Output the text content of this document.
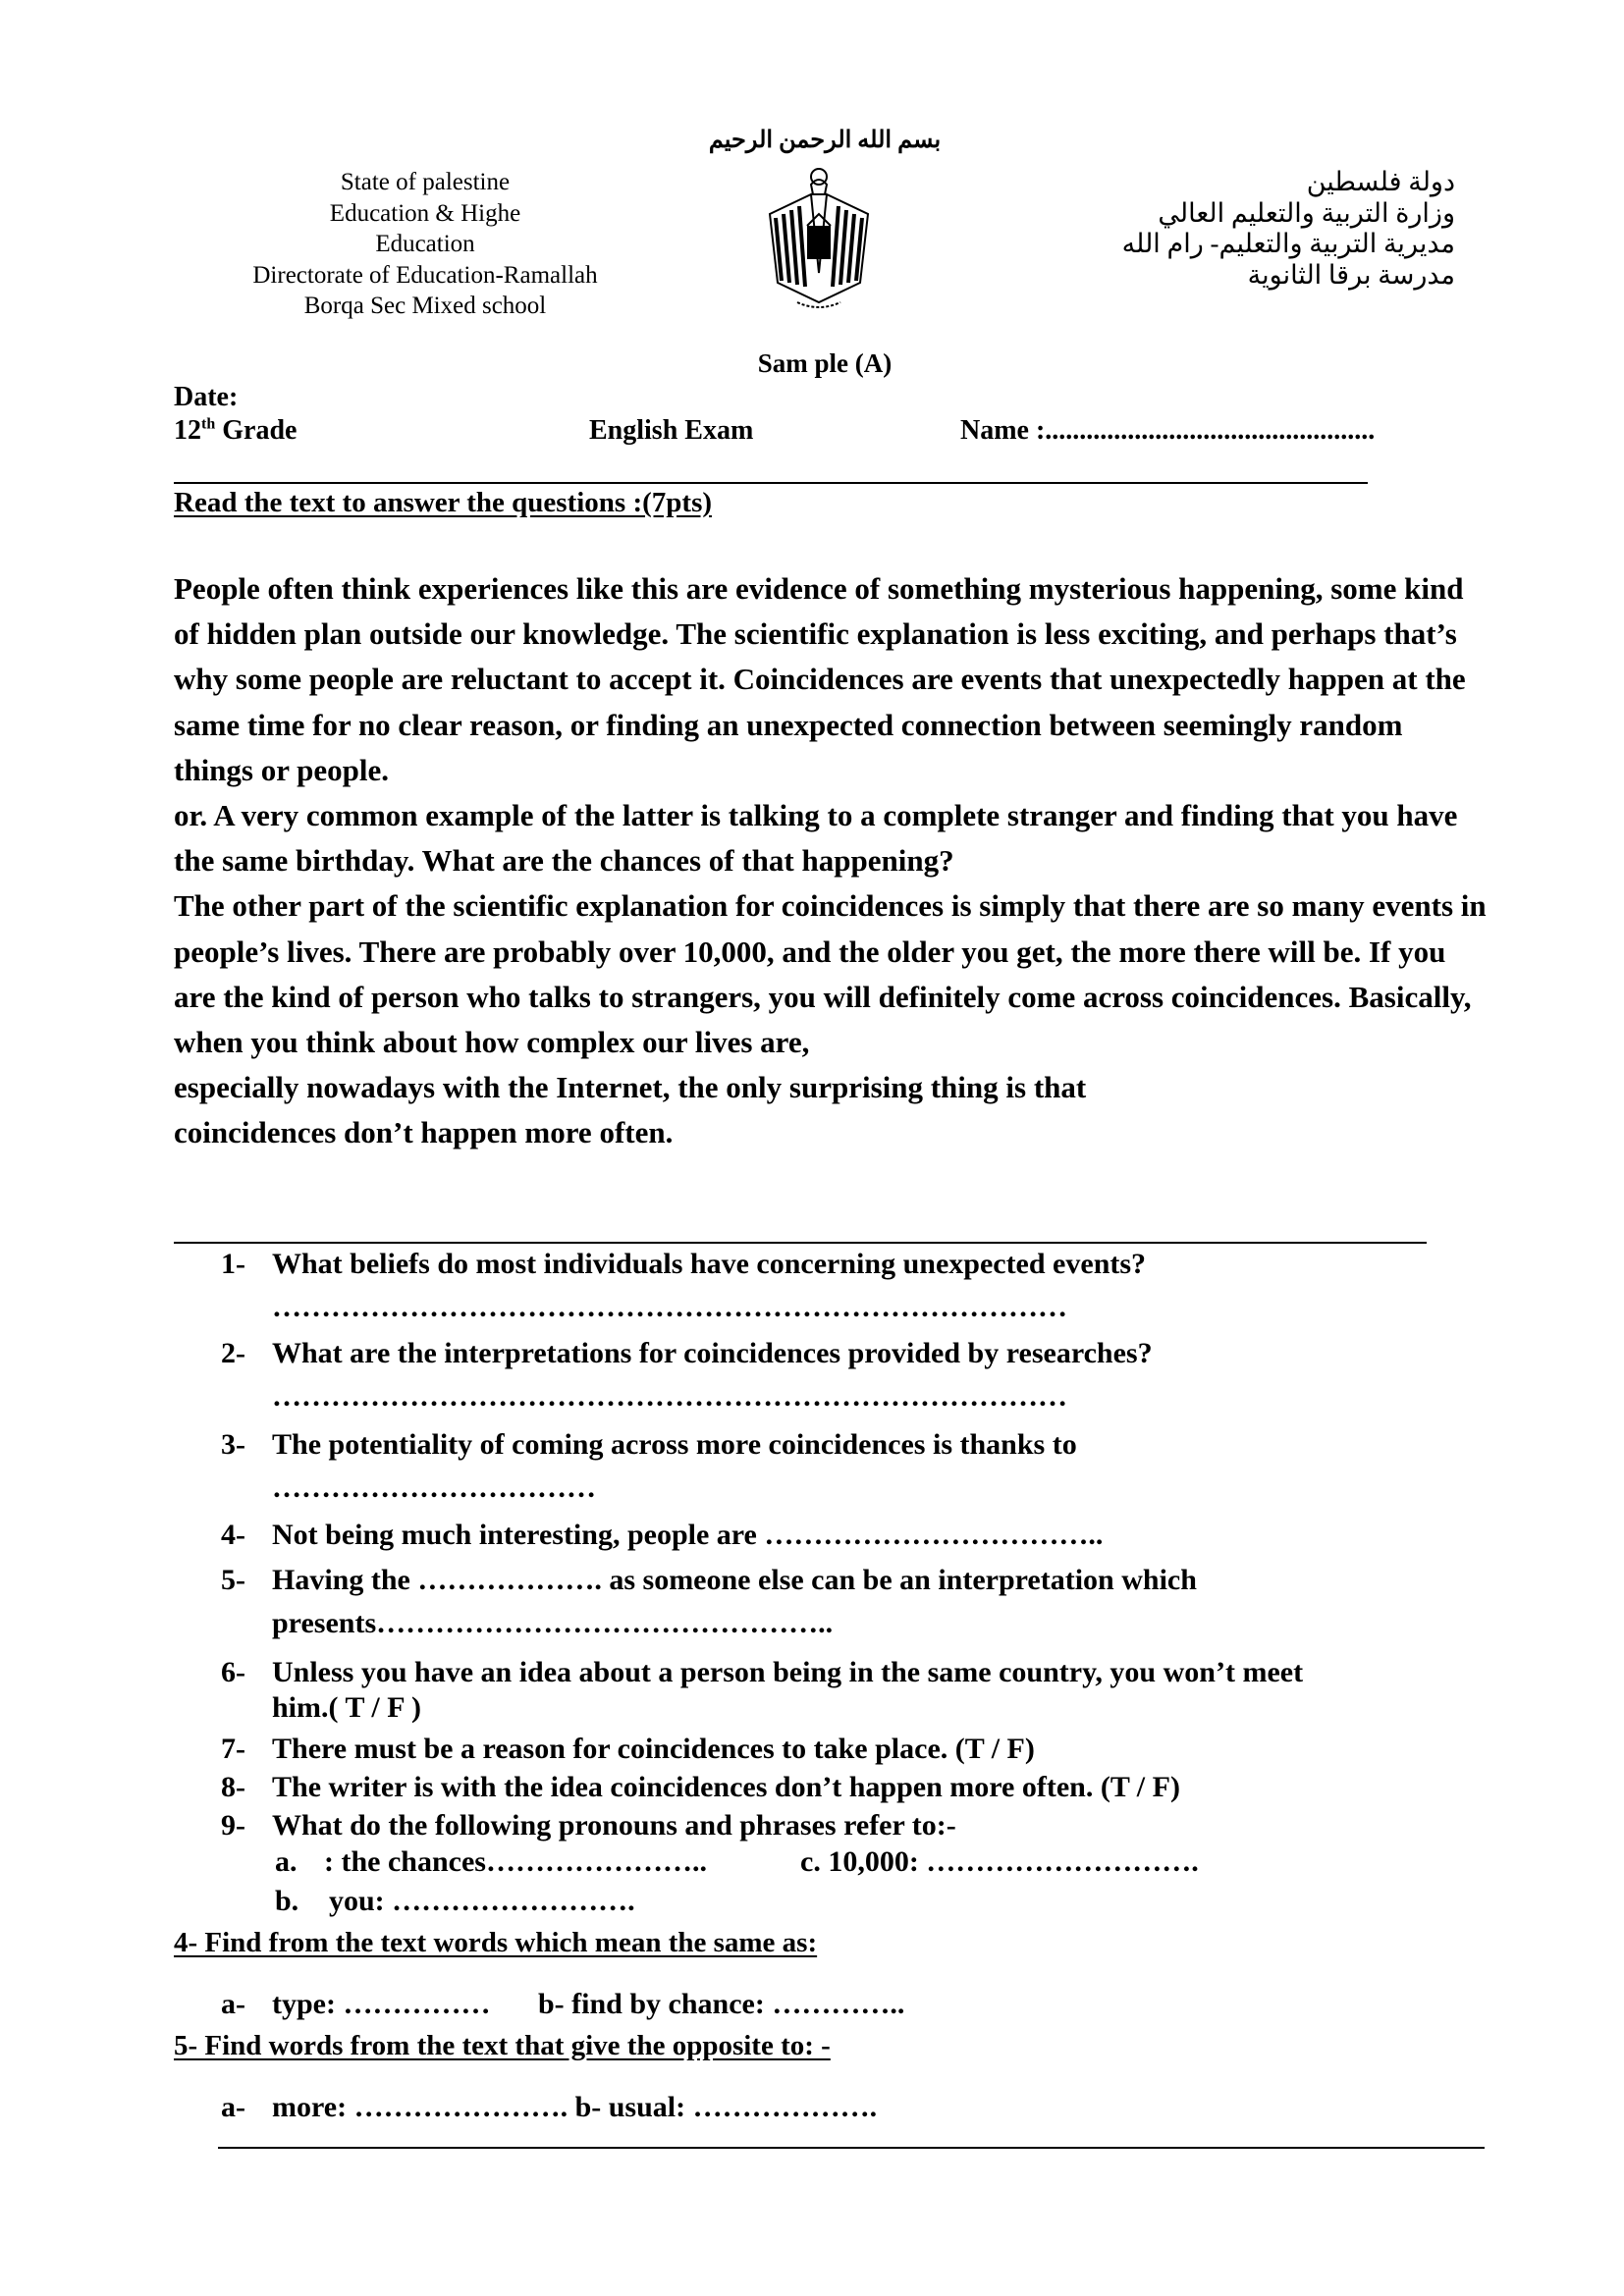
State of palestine
Education & Highe
Education
Directorate of Education-Ramallah
Borqa Sec Mixed school
بسم الله الرحمن الرحيم
دولة فلسطين
وزارة التربية والتعليم العالي
مديرية التربية والتعليم- رام الله
مدرسة برقا الثانوية
Sam ple (A)
Date:
12th Grade	English Exam	Name :................................................
Read the text to answer the questions :(7pts)

People often think experiences like this are evidence of something mysterious happening, some kind of hidden plan outside our knowledge. The scientific explanation is less exciting, and perhaps that’s why some people are reluctant to accept it. Coincidences are events that unexpectedly happen at the same time for no clear reason, or finding an unexpected connection between seemingly random things or people.

or. A very common example of the latter is talking to a complete stranger and finding that you have the same birthday. What are the chances of that happening?

The other part of the scientific explanation for coincidences is simply that there are so many events in people’s lives. There are probably over 10,000, and the older you get, the more there will be. If you are the kind of person who talks to strangers, you will definitely come across coincidences. Basically, when you think about how complex our lives are,

especially nowadays with the Internet, the only surprising thing is that

coincidences don’t happen more often.

1- What beliefs do most individuals have concerning unexpected events?
………………………………………………………………………
2- What are the interpretations for coincidences provided by researches?
………………………………………………………………………
3- The potentiality of coming across more coincidences is thanks to
……………………………
4- Not being much interesting, people are ……………………………..
5- Having the ………………. as someone else can be an interpretation which
presents………………………………………..
6- Unless you have an idea about a person being in the same country, you won’t meet
him.( T / F )
7- There must be a reason for coincidences to take place. (T / F)
8- The writer is with the idea coincidences don’t happen more often. (T / F)
9- What do the following pronouns and phrases refer to:-
a. : the chances…………………..	c. 10,000: ……………………….
b. you: …………………….
4- Find from the text words which mean the same as:
a- type: …………… b- find by chance: …………..
5- Find words from the text that give the opposite to: -
a- more: …………………. b- usual: ……………….
